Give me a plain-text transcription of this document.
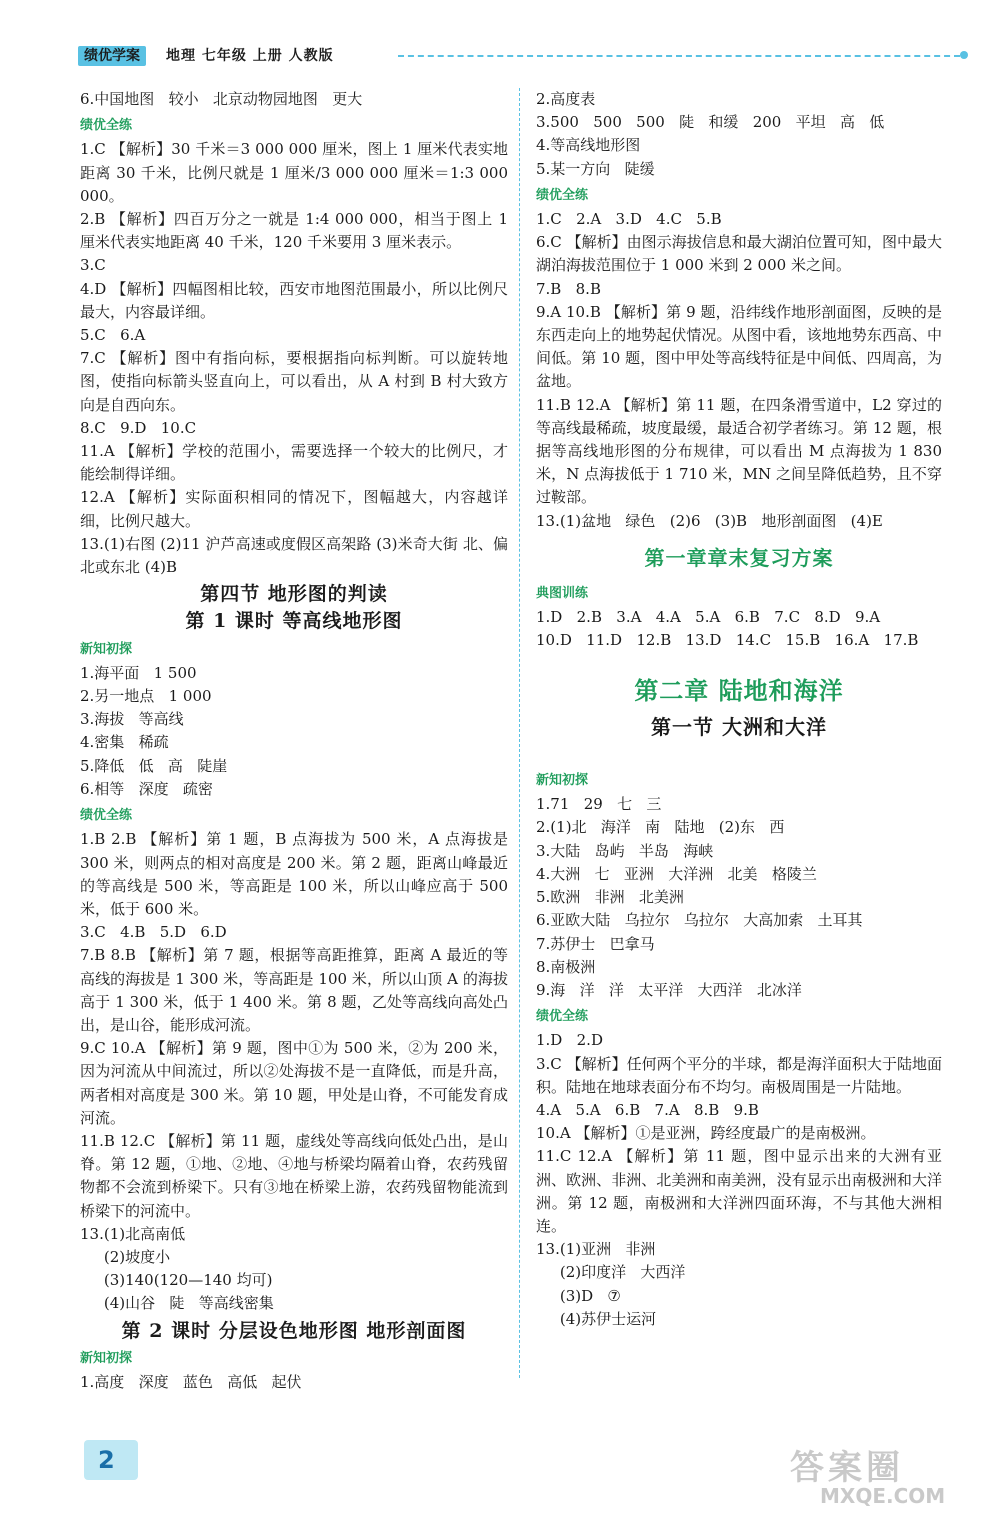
绩优学案	地理 七年级 上册 人教版
6.中国地图   较小   北京动物园地图   更大
绩优全练
1.C 【解析】30 千米＝3 000 000 厘米，图上 1 厘米代表实地距离 30 千米，比例尺就是 1 厘米/3 000 000 厘米＝1:3 000 000。
2.B 【解析】四百万分之一就是 1:4 000 000，相当于图上 1 厘米代表实地距离 40 千米，120 千米要用 3 厘米表示。
3.C
4.D 【解析】四幅图相比较，西安市地图范围最小，所以比例尺最大，内容最详细。
5.C   6.A
7.C 【解析】图中有指向标，要根据指向标判断。可以旋转地图，使指向标箭头竖直向上，可以看出，从 A 村到 B 村大致方向是自西向东。
8.C   9.D   10.C
11.A 【解析】学校的范围小，需要选择一个较大的比例尺，才能绘制得详细。
12.A 【解析】实际面积相同的情况下，图幅越大，内容越详细，比例尺越大。
13.(1)右图 (2)11 沪芦高速或度假区高架路 (3)米奇大街 北、偏北或东北 (4)B
第四节 地形图的判读
第 1 课时 等高线地形图
新知初探
1.海平面   1 500
2.另一地点   1 000
3.海拔   等高线
4.密集   稀疏
5.降低   低   高   陡崖
6.相等   深度   疏密
绩优全练
1.B 2.B 【解析】第 1 题，B 点海拔为 500 米，A 点海拔是 300 米，则两点的相对高度是 200 米。第 2 题，距离山峰最近的等高线是 500 米，等高距是 100 米，所以山峰应高于 500 米，低于 600 米。
3.C   4.B   5.D   6.D
7.B 8.B 【解析】第 7 题，根据等高距推算，距离 A 最近的等高线的海拔是 1 300 米，等高距是 100 米，所以山顶 A 的海拔高于 1 300 米，低于 1 400 米。第 8 题，乙处等高线向高处凸出，是山谷，能形成河流。
9.C 10.A 【解析】第 9 题，图中①为 500 米，②为 200 米，因为河流从中间流过，所以②处海拔不是一直降低，而是升高，两者相对高度是 300 米。第 10 题，甲处是山脊，不可能发育成河流。
11.B 12.C 【解析】第 11 题，虚线处等高线向低处凸出，是山脊。第 12 题，①地、②地、④地与桥梁均隔着山脊，农药残留物都不会流到桥梁下。只有③地在桥梁上游，农药残留物能流到桥梁下的河流中。
13.(1)北高南低
(2)坡度小
(3)140(120—140 均可)
(4)山谷   陡   等高线密集
第 2 课时 分层设色地形图 地形剖面图
新知初探
1.高度   深度   蓝色   高低   起伏
2.高度表
3.500   500   500   陡   和缓   200   平坦   高   低
4.等高线地形图
5.某一方向   陡缓
绩优全练
1.C   2.A   3.D   4.C   5.B
6.C 【解析】由图示海拔信息和最大湖泊位置可知，图中最大湖泊海拔范围位于 1 000 米到 2 000 米之间。
7.B   8.B
9.A 10.B 【解析】第 9 题，沿纬线作地形剖面图，反映的是东西走向上的地势起伏情况。从图中看，该地地势东西高、中间低。第 10 题，图中甲处等高线特征是中间低、四周高，为盆地。
11.B 12.A 【解析】第 11 题，在四条滑雪道中，L2 穿过的等高线最稀疏，坡度最缓，最适合初学者练习。第 12 题，根据等高线地形图的分布规律，可以看出 M 点海拔为 1 830 米，N 点海拔低于 1 710 米，MN 之间呈降低趋势，且不穿过鞍部。
13.(1)盆地   绿色   (2)6   (3)B   地形剖面图   (4)E
第一章章末复习方案
典图训练
1.D   2.B   3.A   4.A   5.A   6.B   7.C   8.D   9.A
10.D   11.D   12.B   13.D   14.C   15.B   16.A   17.B
第二章 陆地和海洋
第一节 大洲和大洋
新知初探
1.71   29   七   三
2.(1)北   海洋   南   陆地   (2)东   西
3.大陆   岛屿   半岛   海峡
4.大洲   七   亚洲   大洋洲   北美   格陵兰
5.欧洲   非洲   北美洲
6.亚欧大陆   乌拉尔   乌拉尔   大高加索   土耳其
7.苏伊士   巴拿马
8.南极洲
9.海   洋   洋   太平洋   大西洋   北冰洋
绩优全练
1.D   2.D
3.C 【解析】任何两个平分的半球，都是海洋面积大于陆地面积。陆地在地球表面分布不均匀。南极周围是一片陆地。
4.A   5.A   6.B   7.A   8.B   9.B
10.A 【解析】①是亚洲，跨经度最广的是南极洲。
11.C 12.A 【解析】第 11 题，图中显示出来的大洲有亚洲、欧洲、非洲、北美洲和南美洲，没有显示出南极洲和大洋洲。第 12 题，南极洲和大洋洲四面环海，不与其他大洲相连。
13.(1)亚洲   非洲
(2)印度洋   大西洋
(3)D   ⑦
(4)苏伊士运河
2	答案圈
MXQE.COM
